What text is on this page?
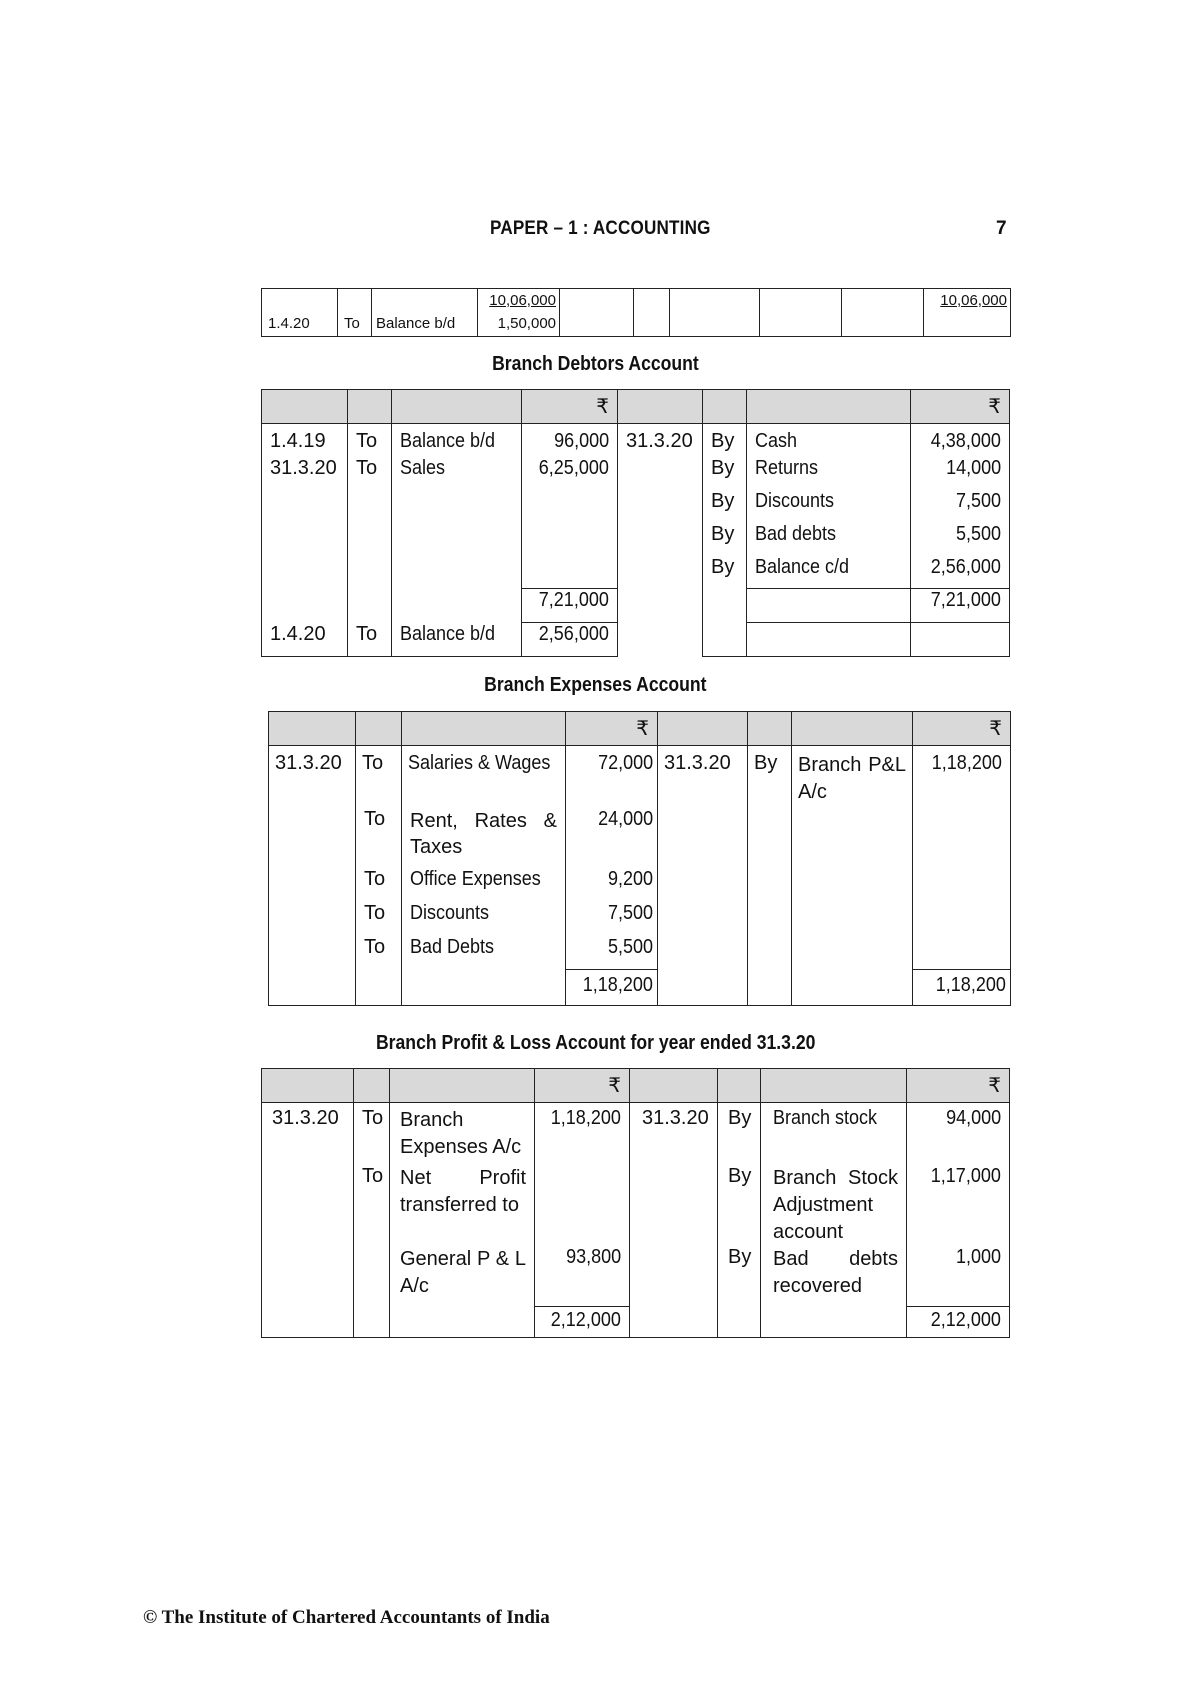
PAPER – 1 : ACCOUNTING	7
			10,06,000						10,06,000
1.4.20	To	Balance b/d	1,50,000						
Branch Debtors Account
			₹				₹
1.4.19	To	Balance b/d	96,000	31.3.20	By	Cash	4,38,000
31.3.20	To	Sales	6,25,000		By	Returns	14,000
					By	Discounts	7,500
					By	Bad debts	5,500
					By	Balance c/d	2,56,000
			7,21,000				7,21,000
1.4.20	To	Balance b/d	2,56,000				
Branch Expenses Account
			₹				₹
31.3.20	To	Salaries & Wages	72,000	31.3.20	By	Branch P&L A/c	1,18,200
	To	Rent, Rates & Taxes	24,000				
	To	Office Expenses	9,200				
	To	Discounts	7,500				
	To	Bad Debts	5,500				
			1,18,200				1,18,200
Branch Profit & Loss Account for year ended 31.3.20
			₹				₹
31.3.20	To	Branch Expenses A/c	1,18,200	31.3.20	By	Branch stock	94,000
	To	Net Profit transferred to			By	Branch Stock Adjustment account	1,17,000
		General P & L A/c	93,800		By	Bad debts recovered	1,000
			2,12,000				2,12,000
© The Institute of Chartered Accountants of India
